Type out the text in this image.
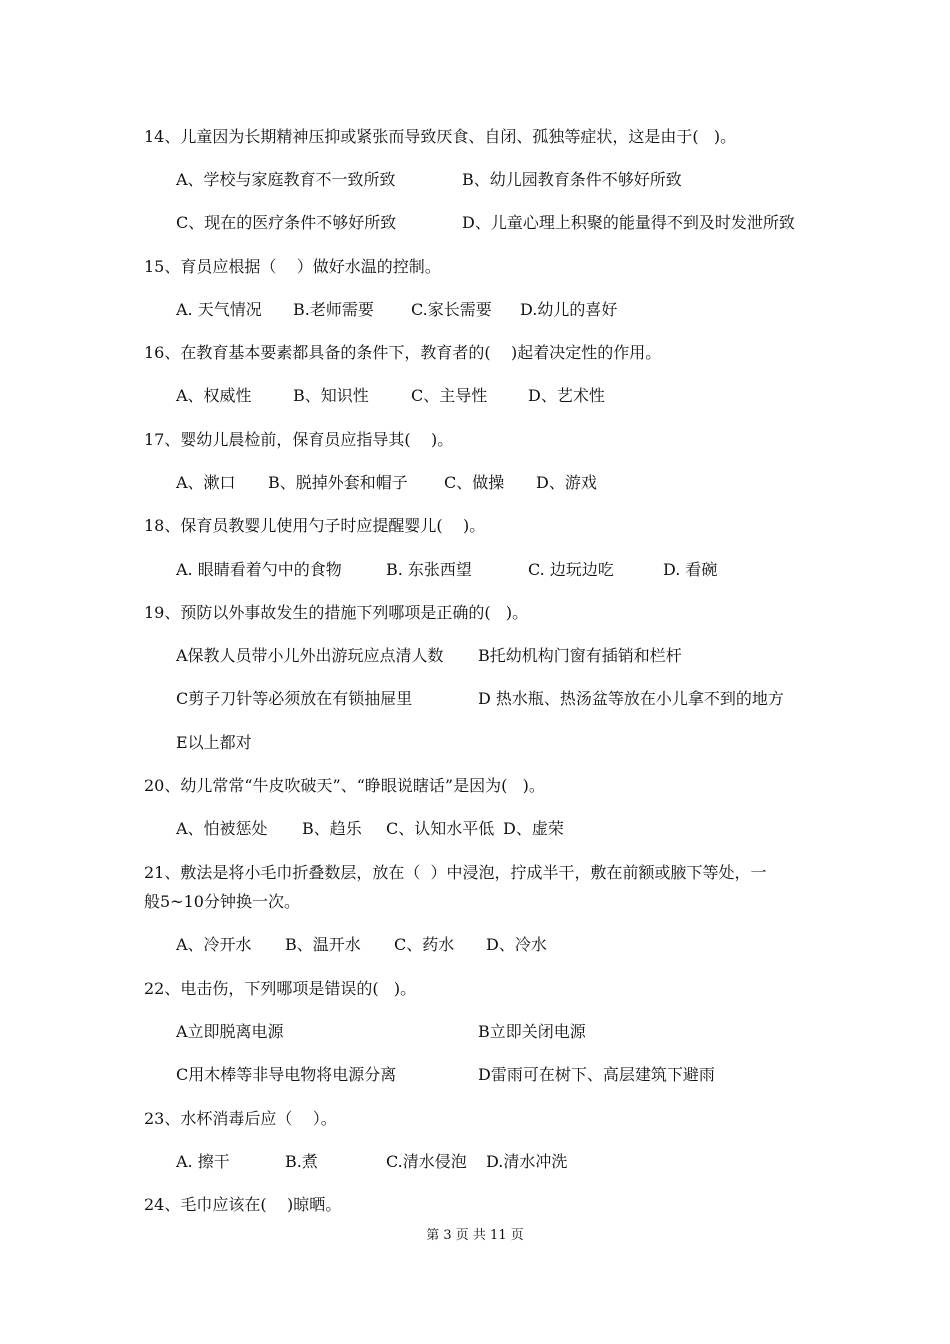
14、儿童因为长期精神压抑或紧张而导致厌食、自闭、孤独等症状，这是由于(   )。
A、学校与家庭教育不一致所致	B、幼儿园教育条件不够好所致
C、现在的医疗条件不够好所致	D、儿童心理上积聚的能量得不到及时发泄所致
15、育员应根据（    ）做好水温的控制。
A. 天气情况 B.老师需要 C.家长需要 D.幼儿的喜好
16、在教育基本要素都具备的条件下，教育者的(    )起着决定性的作用。
A、权威性	B、知识性	C、主导性	D、艺术性
17、婴幼儿晨检前，保育员应指导其(    )。
A、漱口 B、脱掉外套和帽子 C、做操 D、游戏
18、保育员教婴儿使用勺子时应提醒婴儿(    )。
A. 眼睛看着勺中的食物	B. 东张西望	C. 边玩边吃	D. 看碗
19、预防以外事故发生的措施下列哪项是正确的(   )。
A保教人员带小儿外出游玩应点清人数 B托幼机构门窗有插销和栏杆
C剪子刀针等必须放在有锁抽屉里	D 热水瓶、热汤盆等放在小儿拿不到的地方
E以上都对
20、幼儿常常“牛皮吹破天”、“睁眼说瞎话”是因为(   )。
A、怕被惩处 B、趋乐 C、认知水平低 D、虚荣
21、敷法是将小毛巾折叠数层，放在（  ）中浸泡，拧成半干，敷在前额或腋下等处，一
般5~10分钟换一次。
A、冷开水 B、温开水 C、药水 D、冷水
22、电击伤，下列哪项是错误的(   )。
A立即脱离电源	B立即关闭电源
C用木棒等非导电物将电源分离	D雷雨可在树下、高层建筑下避雨
23、水杯消毒后应（    ）。
A. 擦干	B.煮	C.清水侵泡 D.清水冲洗
24、毛巾应该在(    )晾晒。
第 3 页 共 11 页
